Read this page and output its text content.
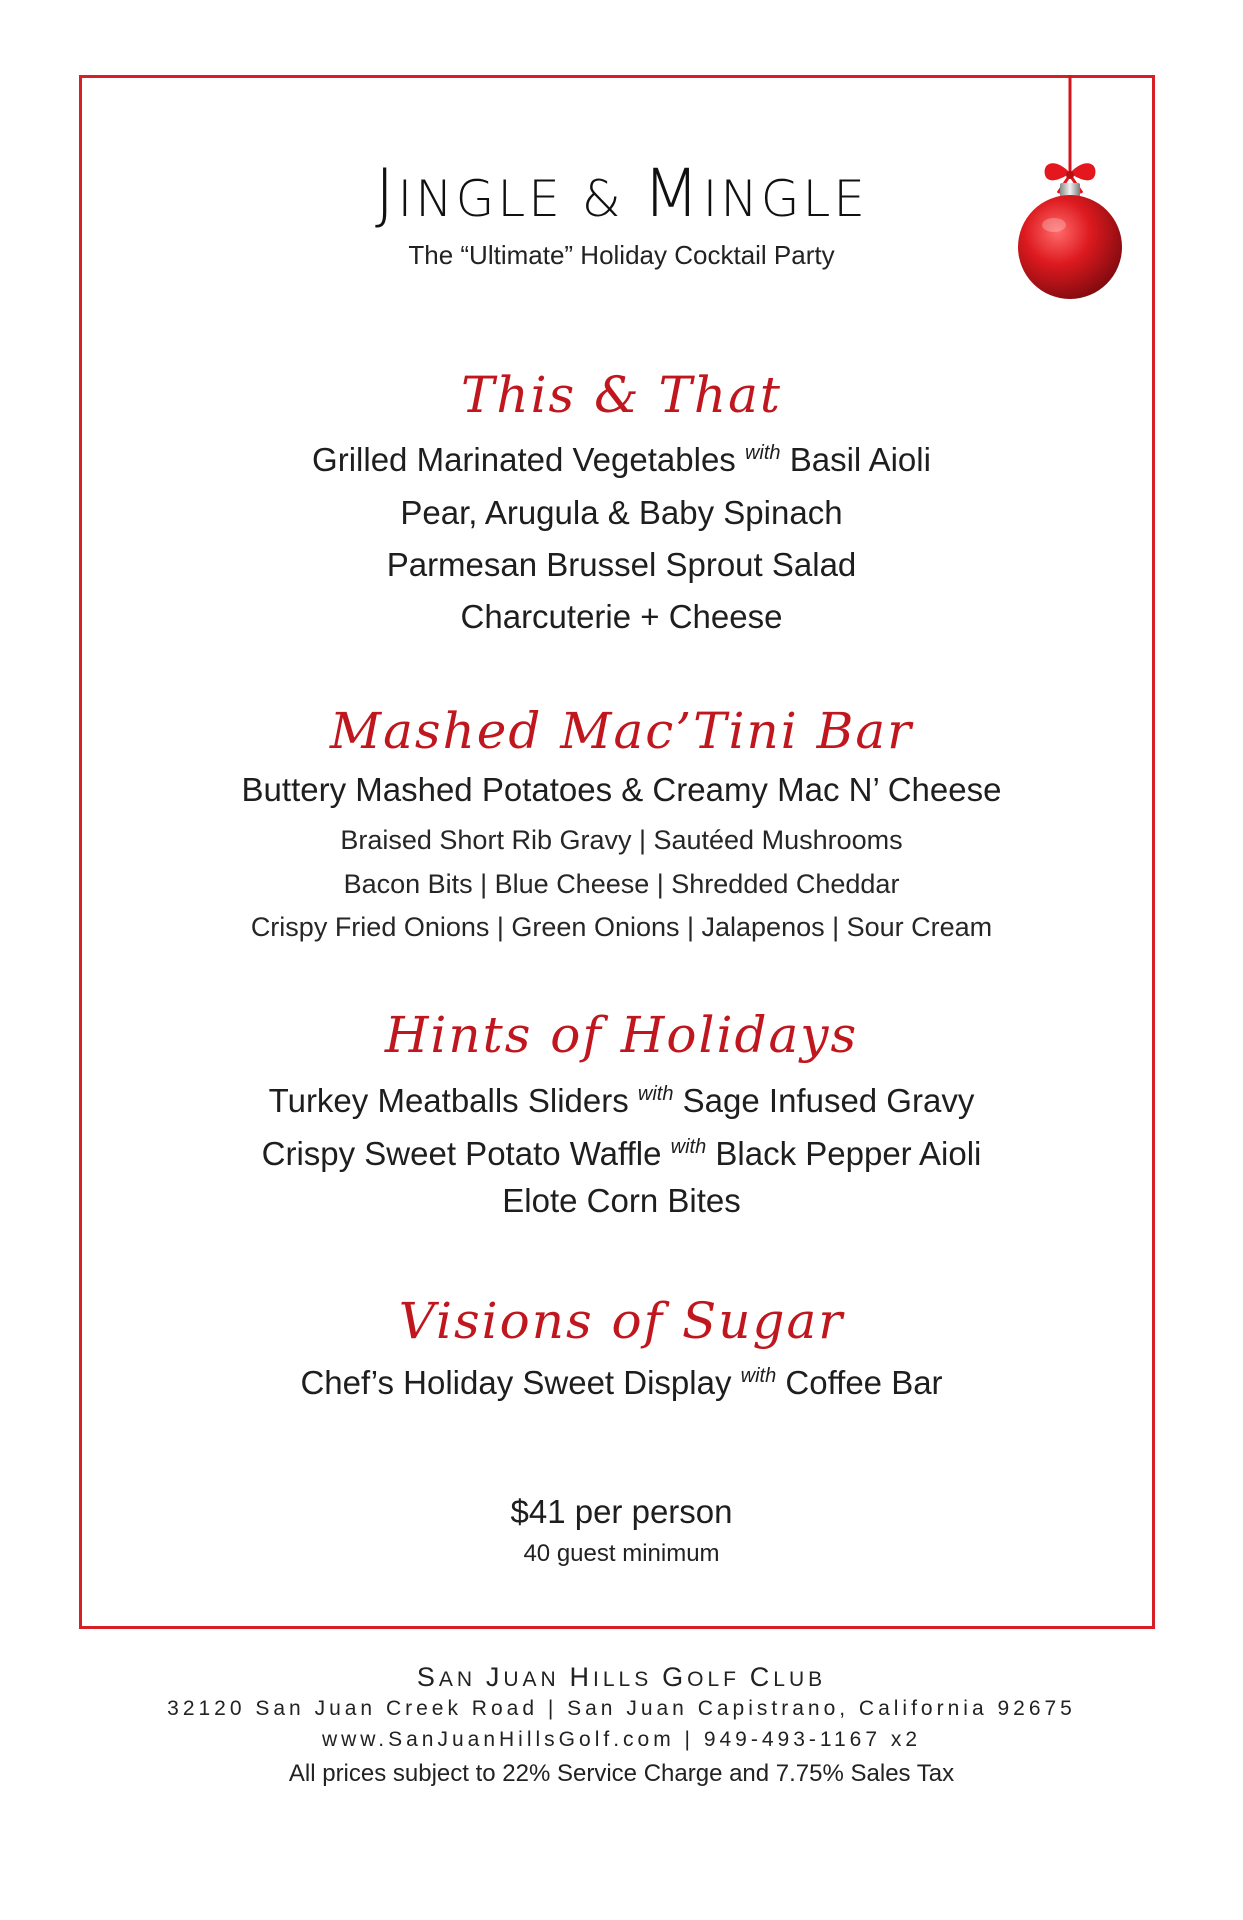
JINGLE & MINGLE
The “Ultimate” Holiday Cocktail Party
This & That
Grilled Marinated Vegetables $^{with}$ Basil Aioli
Pear, Arugula & Baby Spinach
Parmesan Brussel Sprout Salad
Charcuterie + Cheese
Mashed Mac’Tini Bar
Buttery Mashed Potatoes & Creamy Mac N’ Cheese
Braised Short Rib Gravy | Sautéed Mushrooms
Bacon Bits | Blue Cheese | Shredded Cheddar
Crispy Fried Onions | Green Onions | Jalapenos | Sour Cream
Hints of Holidays
Turkey Meatballs Sliders $^{with}$ Sage Infused Gravy
Crispy Sweet Potato Waffle $^{with}$ Black Pepper Aioli
Elote Corn Bites
Visions of Sugar
Chef’s Holiday Sweet Display $^{with}$ Coffee Bar
$41 per person
40 guest minimum
SAN JUAN HILLS GOLF CLUB
32120 San Juan Creek Road | San Juan Capistrano, California 92675
www.SanJuanHillsGolf.com | 949-493-1167 x2
All prices subject to 22% Service Charge and 7.75% Sales Tax
